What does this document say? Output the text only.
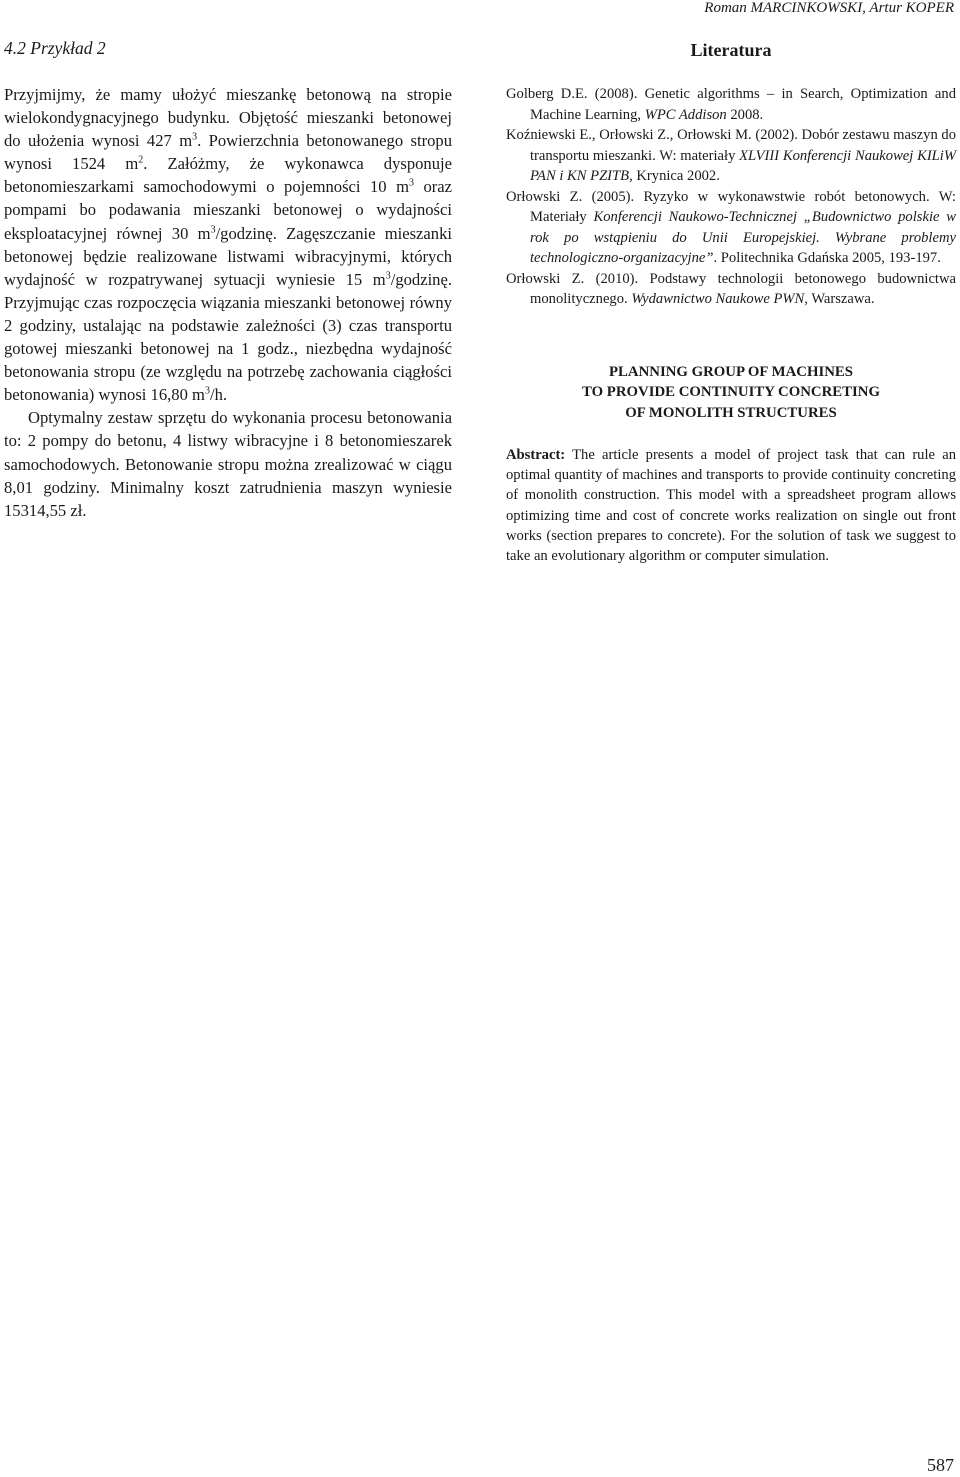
Roman MARCINKOWSKI, Artur KOPER
4.2 Przykład 2

Przyjmijmy, że mamy ułożyć mieszankę betonową na stropie wielokondygnacyjnego budynku. Objętość mieszanki betonowej do ułożenia wynosi 427 $m^3$. Powierzchnia betonowanego stropu wynosi 1524 $m^2$. Załóżmy, że wykonawca dysponuje betonomieszarkami samochodowymi o pojemności 10 $m^3$ oraz pompami bo podawania mieszanki betonowej o wydajności eksploatacyjnej równej 30 $m^3$/godzinę. Zagęszczanie mieszanki betonowej będzie realizowane listwami wibracyjnymi, których wydajność w rozpatrywanej sytuacji wyniesie 15 $m^3$/godzinę. Przyjmując czas rozpoczęcia wiązania mieszanki betonowej równy 2 godziny, ustalając na podstawie zależności (3) czas transportu gotowej mieszanki betonowej na 1 godz., niezbędna wydajność betonowania stropu (ze względu na potrzebę zachowania ciągłości betonowania) wynosi 16,80 $m^3/h$.

Optymalny zestaw sprzętu do wykonania procesu betonowania to: 2 pompy do betonu, 4 listwy wibracyjne i 8 betonomieszarek samochodowych. Betonowanie stropu można zrealizować w ciągu 8,01 godziny. Minimalny koszt zatrudnienia maszyn wyniesie 15314,55 zł.

Literatura

Golberg D.E. (2008). Genetic algorithms – in Search, Optimization and Machine Learning, WPC Addison 2008.

Koźniewski E., Orłowski Z., Orłowski M. (2002). Dobór zestawu maszyn do transportu mieszanki. W: materiały XLVIII Konferencji Naukowej KILiW PAN i KN PZITB, Krynica 2002.

Orłowski Z. (2005). Ryzyko w wykonawstwie robót betonowych. W: Materiały Konferencji Naukowo-Technicznej „Budownictwo polskie w rok po wstąpieniu do Unii Europejskiej. Wybrane problemy technologiczno-organizacyjne”. Politechnika Gdańska 2005, 193-197.

Orłowski Z. (2010). Podstawy technologii betonowego budownictwa monolitycznego. Wydawnictwo Naukowe PWN, Warszawa.

PLANNING GROUP OF MACHINES
TO PROVIDE CONTINUITY CONCRETING
OF MONOLITH STRUCTURES
Abstract: The article presents a model of project task that can rule an optimal quantity of machines and transports to provide continuity concreting of monolith construction. This model with a spreadsheet program allows optimizing time and cost of concrete works realization on single out front works (section prepares to concrete). For the solution of task we suggest to take an evolutionary algorithm or computer simulation.
587
